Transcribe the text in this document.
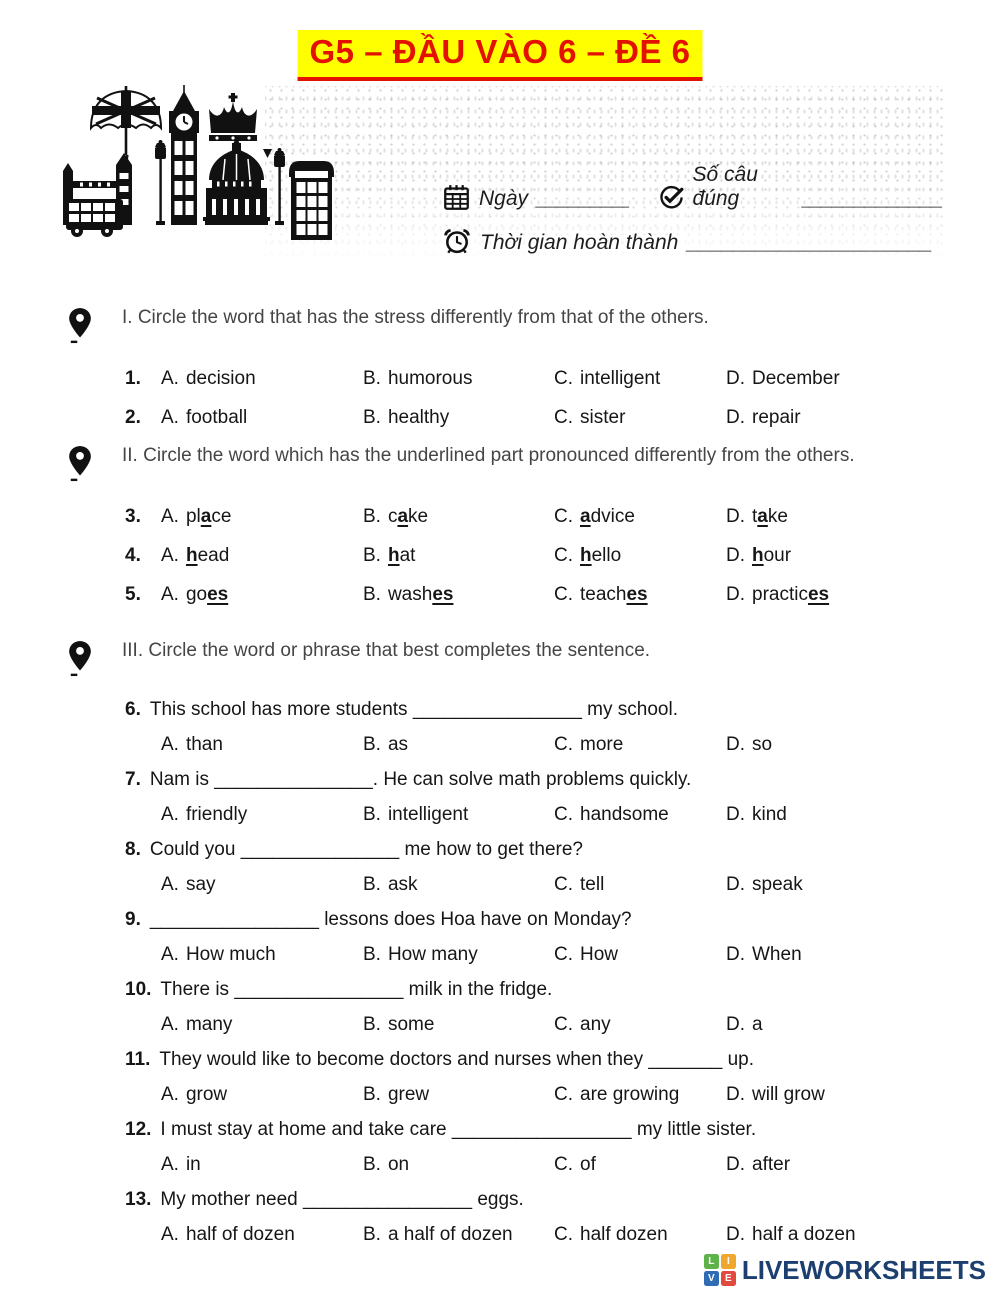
G5 – ĐẦU VÀO 6 – ĐỀ 6
Ngày ________
Số câu đúng	____________
Thời gian hoàn thành _____________________
I. Circle the word that has the stress differently from that of the others.
1.	A. decision	B. humorous	C. intelligent	D. December
2.	A. football	B. healthy	C. sister	D. repair
II. Circle the word which has the underlined part pronounced differently from the others.
3.	A. place	B. cake	C. advice	D. take
4.	A. head	B. hat	C. hello	D. hour
5.	A. goes	B. washes	C. teaches	D. practices
III. Circle the word or phrase that best completes the sentence.
6. This school has more students ________________ my school.
A. than	B. as	C. more	D. so
7. Nam is _______________. He can solve math problems quickly.
A. friendly	B. intelligent	C. handsome	D. kind
8. Could you _______________ me how to get there?
A. say	B. ask	C. tell	D. speak
9. ________________ lessons does Hoa have on Monday?
A. How much	B. How many	C. How	D. When
10. There is ________________ milk in the fridge.
A. many	B. some	C. any	D. a
11. They would like to become doctors and nurses when they _______ up.
A. grow	B. grew	C. are growing	D. will grow
12. I must stay at home and take care _________________ my little sister.
A. in	B. on	C. of	D. after
13. My mother need ________________ eggs.
A. half of dozen	B. a half of dozen	C. half dozen	D. half a dozen
L	I
V	E LIVEWORKSHEETS
